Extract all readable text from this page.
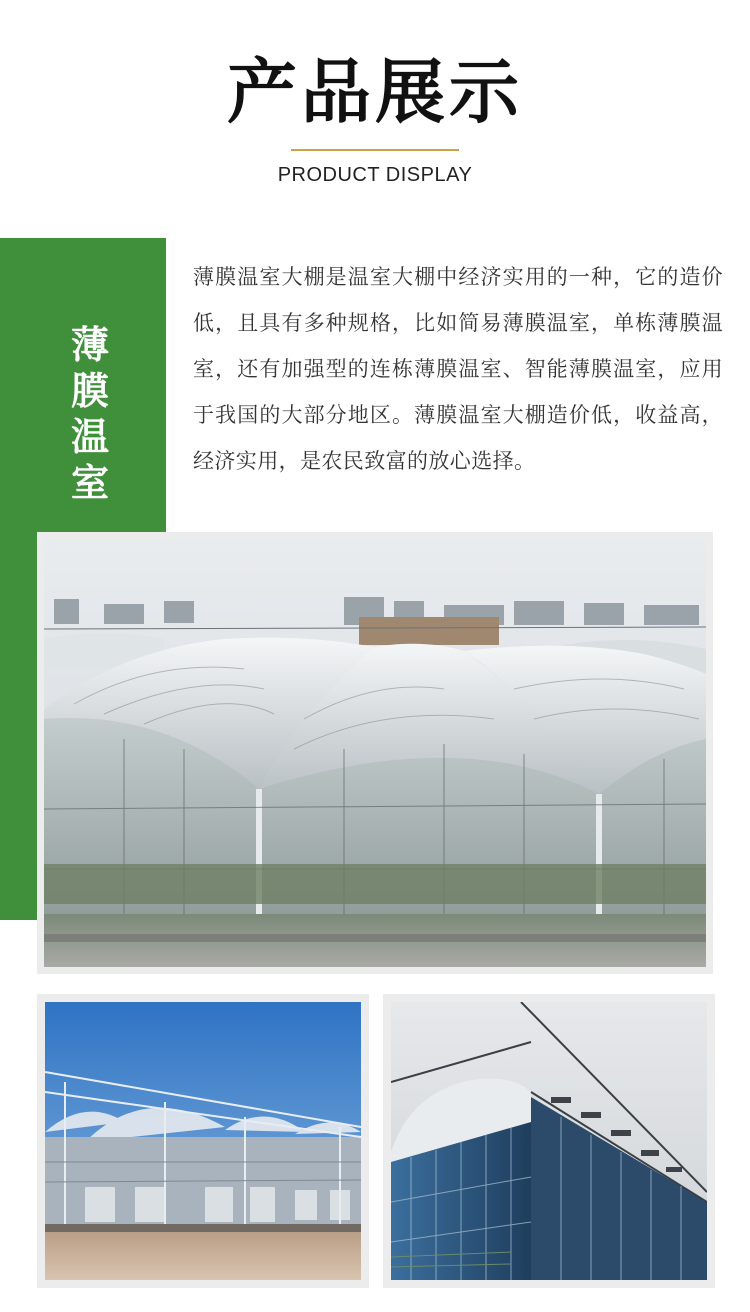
产品展示
PRODUCT DISPLAY
薄膜温室
薄膜温室大棚是温室大棚中经济实用的一种，它的造价低，且具有多种规格，比如简易薄膜温室，单栋薄膜温室，还有加强型的连栋薄膜温室、智能薄膜温室，应用于我国的大部分地区。薄膜温室大棚造价低，收益高，经济实用，是农民致富的放心选择。
